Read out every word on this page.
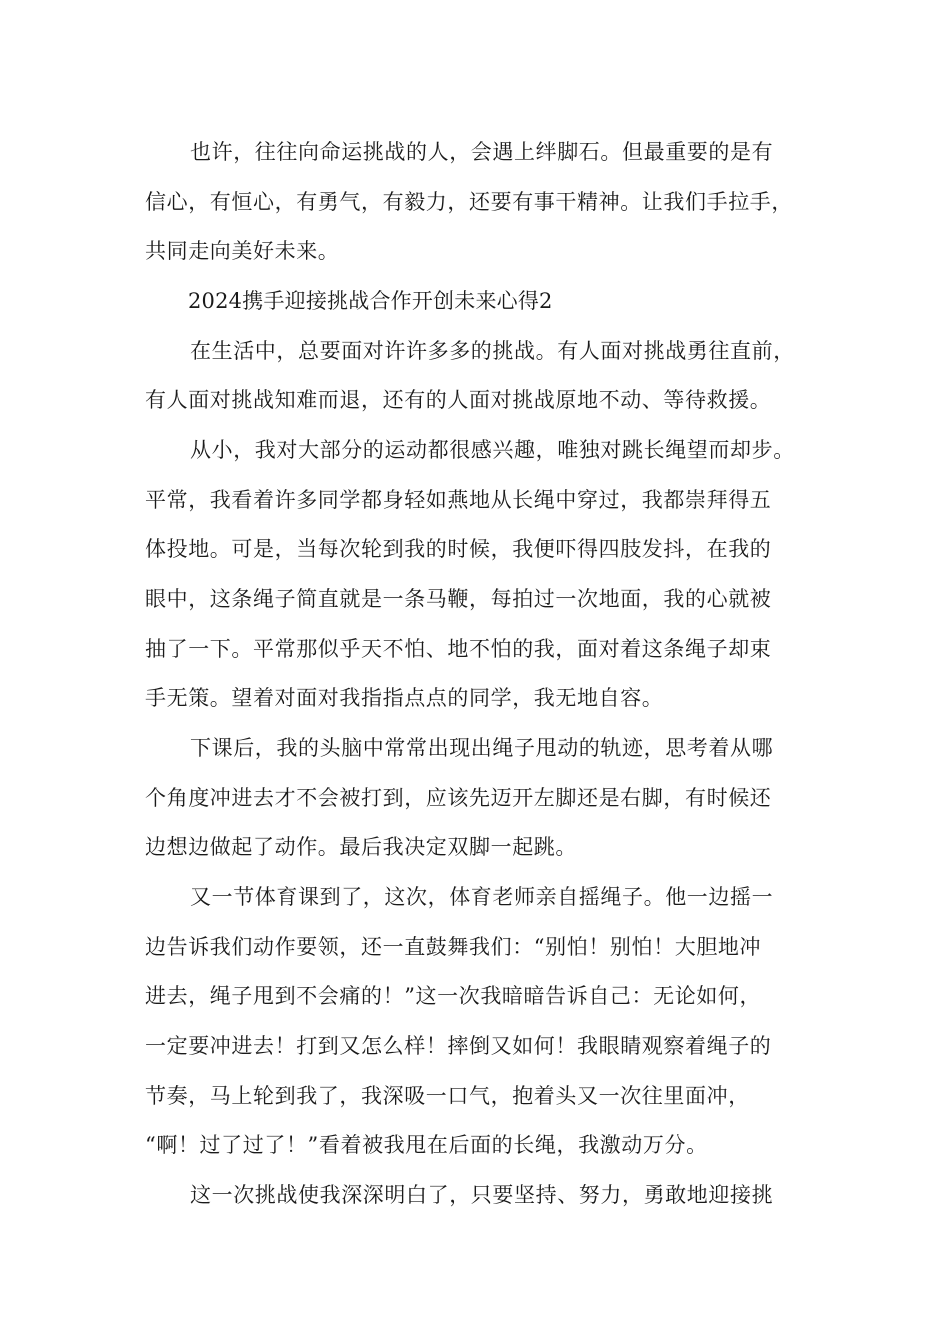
也许，往往向命运挑战的人，会遇上绊脚石。但最重要的是有
信心，有恒心，有勇气，有毅力，还要有事干精神。让我们手拉手，
共同走向美好未来。
2024携手迎接挑战合作开创未来心得2
在生活中，总要面对许许多多的挑战。有人面对挑战勇往直前，
有人面对挑战知难而退，还有的人面对挑战原地不动、等待救援。
从小，我对大部分的运动都很感兴趣，唯独对跳长绳望而却步。
平常，我看着许多同学都身轻如燕地从长绳中穿过，我都崇拜得五
体投地。可是，当每次轮到我的时候，我便吓得四肢发抖，在我的
眼中，这条绳子简直就是一条马鞭，每拍过一次地面，我的心就被
抽了一下。平常那似乎天不怕、地不怕的我，面对着这条绳子却束
手无策。望着对面对我指指点点的同学，我无地自容。
下课后，我的头脑中常常出现出绳子甩动的轨迹，思考着从哪
个角度冲进去才不会被打到，应该先迈开左脚还是右脚，有时候还
边想边做起了动作。最后我决定双脚一起跳。
又一节体育课到了，这次，体育老师亲自摇绳子。他一边摇一
边告诉我们动作要领，还一直鼓舞我们：“别怕！别怕！大胆地冲
进去，绳子甩到不会痛的！”这一次我暗暗告诉自己：无论如何，
一定要冲进去！打到又怎么样！摔倒又如何！我眼睛观察着绳子的
节奏，马上轮到我了，我深吸一口气，抱着头又一次往里面冲，
“啊！过了过了！”看着被我甩在后面的长绳，我激动万分。
这一次挑战使我深深明白了，只要坚持、努力，勇敢地迎接挑
